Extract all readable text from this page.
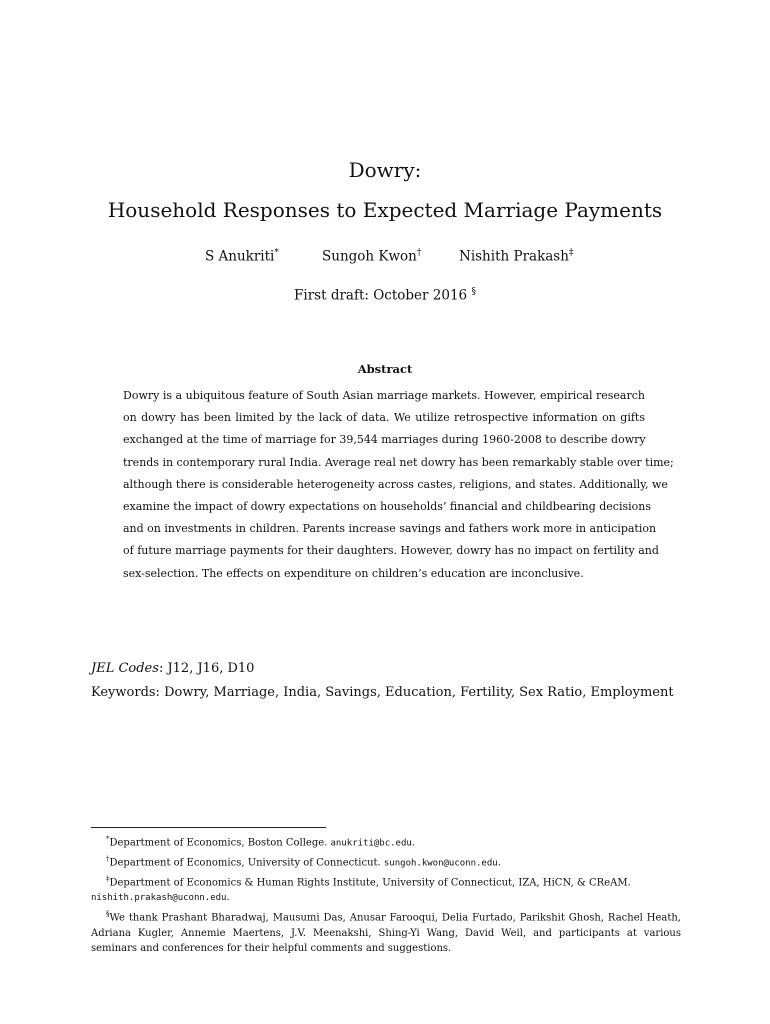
Dowry:
Household Responses to Expected Marriage Payments
S Anukriti*	Sungoh Kwon†	Nishith Prakash‡
First draft: October 2016 §
Abstract
Dowry is a ubiquitous feature of South Asian marriage markets. However, empirical research
on dowry has been limited by the lack of data. We utilize retrospective information on gifts
exchanged at the time of marriage for 39,544 marriages during 1960-2008 to describe dowry
trends in contemporary rural India. Average real net dowry has been remarkably stable over time;
although there is considerable heterogeneity across castes, religions, and states. Additionally, we
examine the impact of dowry expectations on households’ financial and childbearing decisions
and on investments in children. Parents increase savings and fathers work more in anticipation
of future marriage payments for their daughters. However, dowry has no impact on fertility and
sex-selection. The effects on expenditure on children’s education are inconclusive.
JEL Codes: J12, J16, D10
Keywords: Dowry, Marriage, India, Savings, Education, Fertility, Sex Ratio, Employment

*Department of Economics, Boston College. anukriti@bc.edu.

†Department of Economics, University of Connecticut. sungoh.kwon@uconn.edu.

‡Department of Economics & Human Rights Institute, University of Connecticut, IZA, HiCN, & CReAM.
nishith.prakash@uconn.edu.

§We thank Prashant Bharadwaj, Mausumi Das, Anusar Farooqui, Delia Furtado, Parikshit Ghosh, Rachel Heath, Adriana Kugler, Annemie Maertens, J.V. Meenakshi, Shing-Yi Wang, David Weil, and participants at various seminars and conferences for their helpful comments and suggestions.
